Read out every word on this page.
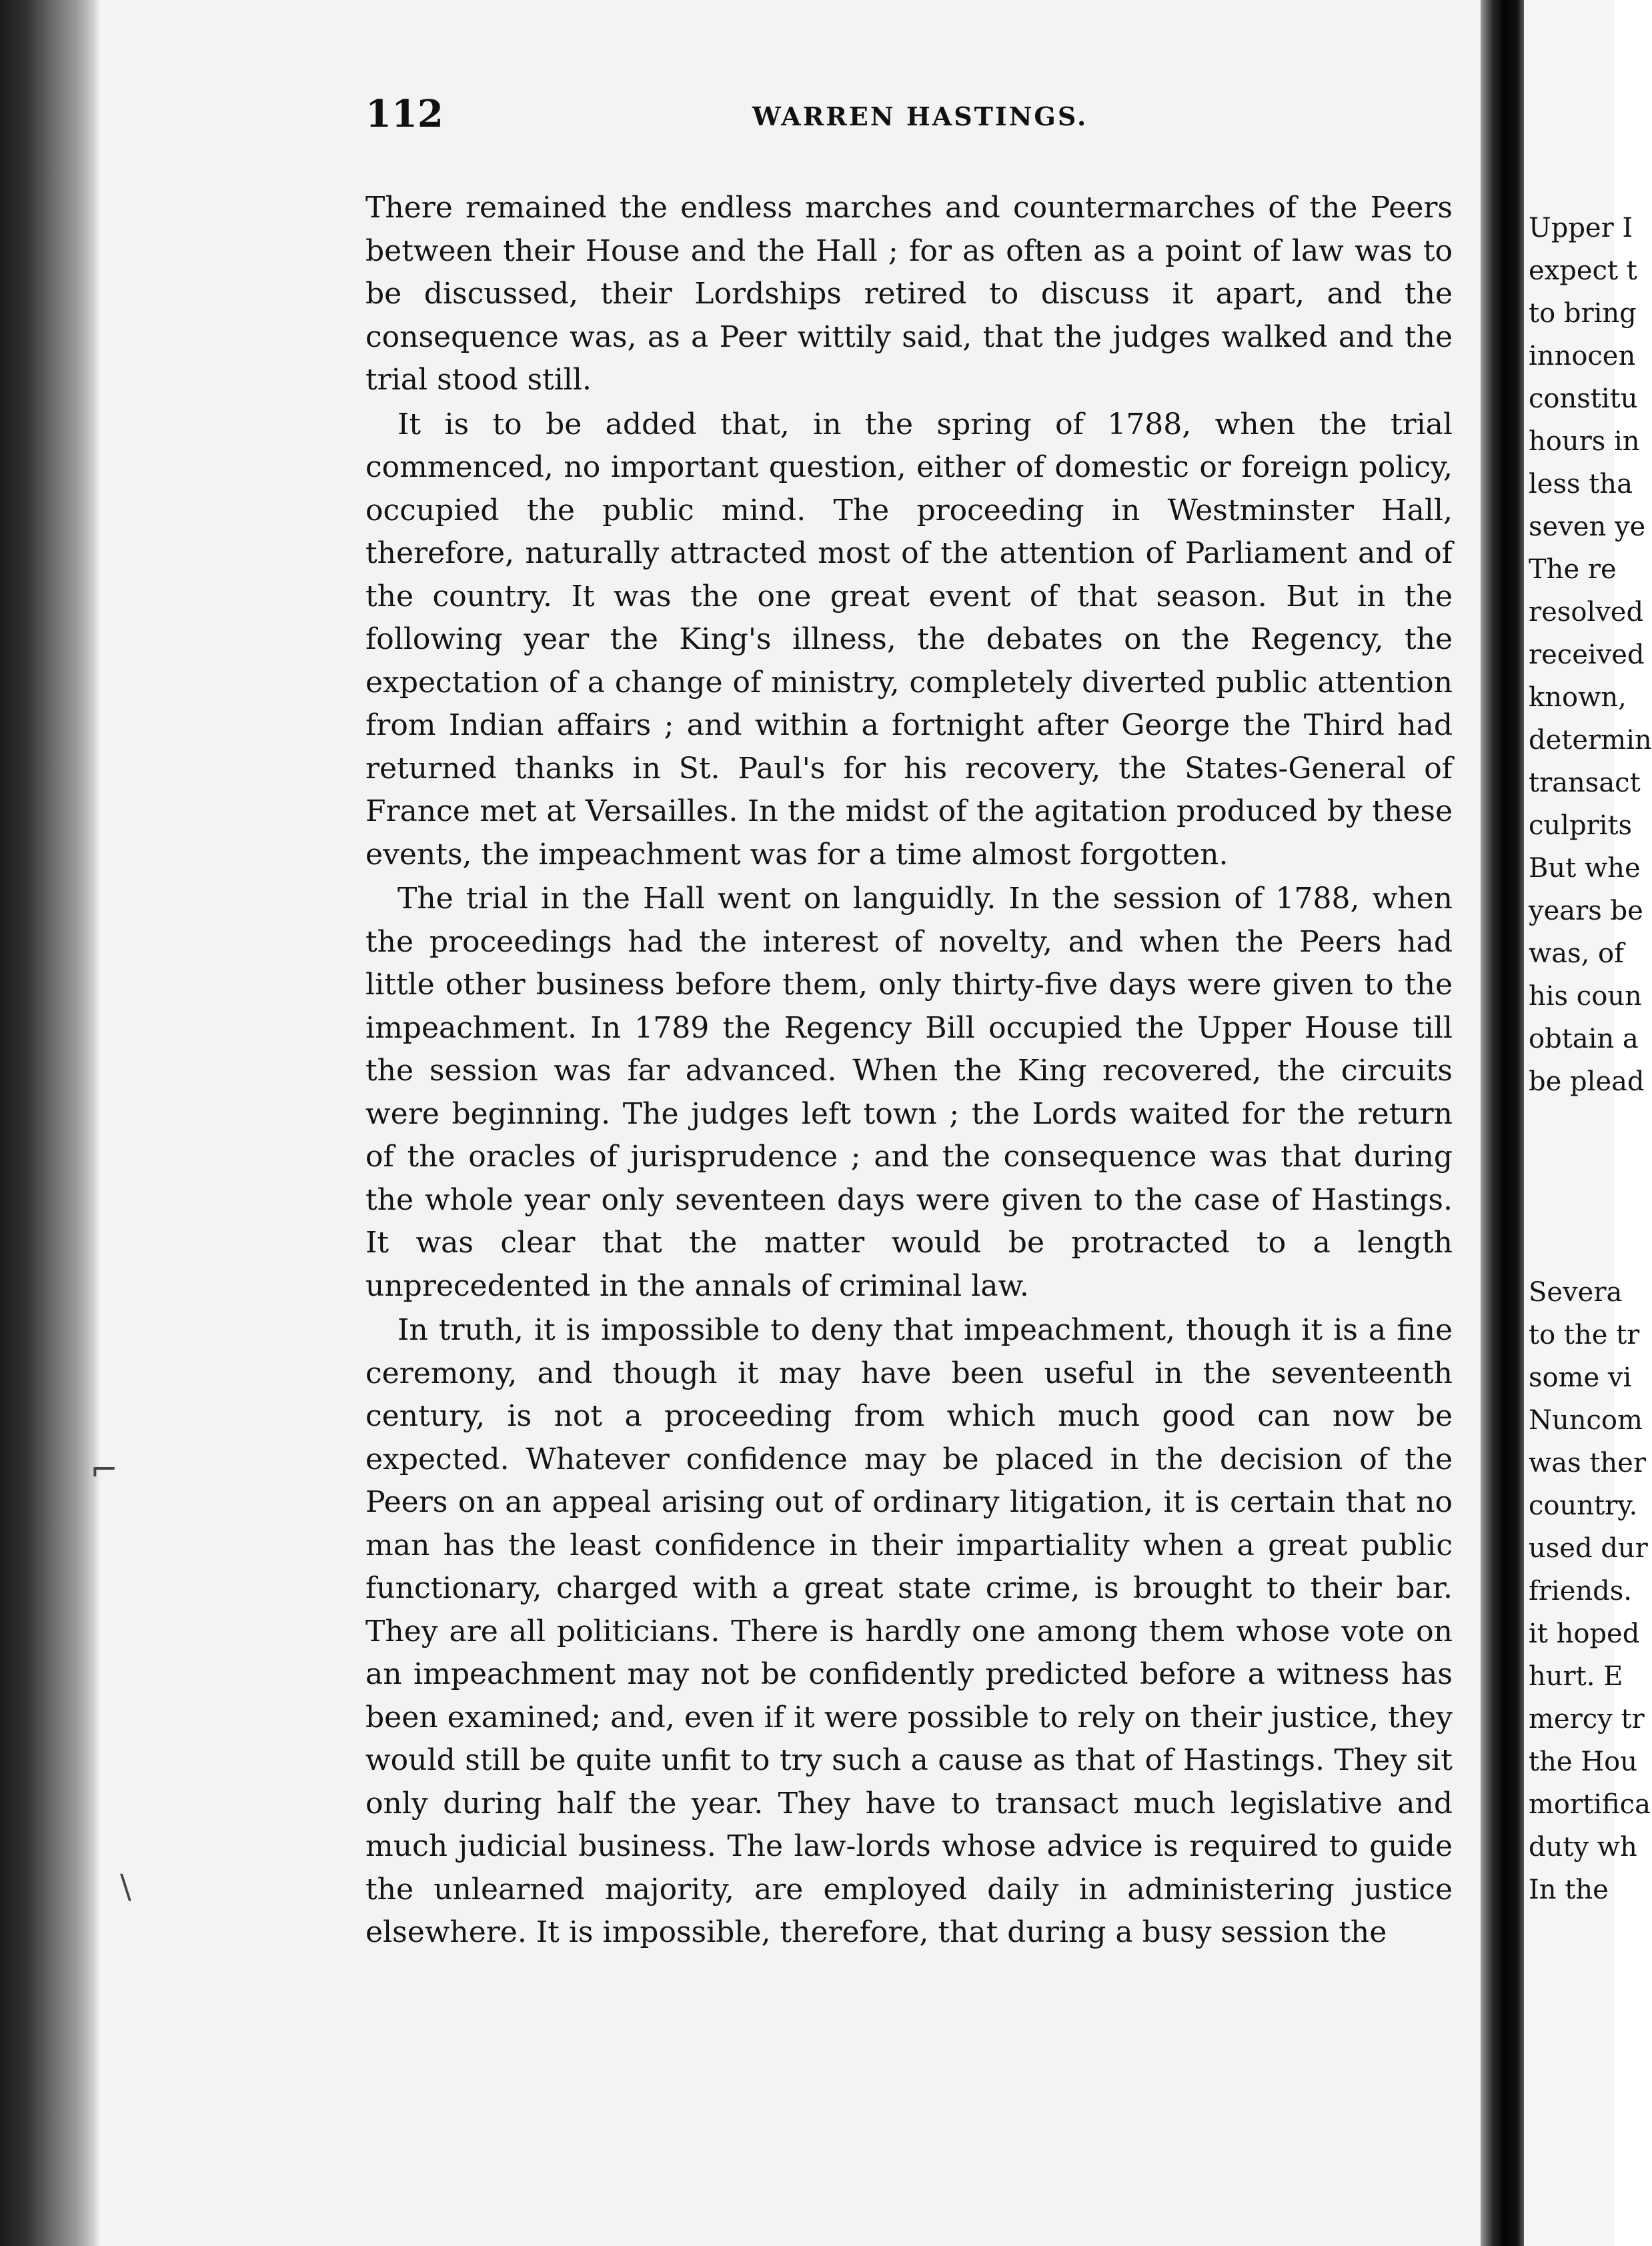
112	WARREN HASTINGS.

There remained the endless marches and countermarches of the Peers between their House and the Hall ; for as often as a point of law was to be discussed, their Lordships retired to discuss it apart, and the consequence was, as a Peer wittily said, that the judges walked and the trial stood still.

It is to be added that, in the spring of 1788, when the trial commenced, no important question, either of domestic or foreign policy, occupied the public mind. The proceeding in Westminster Hall, therefore, naturally attracted most of the attention of Parliament and of the country. It was the one great event of that season. But in the following year the King's illness, the debates on the Regency, the expectation of a change of ministry, completely diverted public attention from Indian affairs ; and within a fortnight after George the Third had returned thanks in St. Paul's for his recovery, the States-General of France met at Versailles. In the midst of the agitation produced by these events, the impeachment was for a time almost forgotten.

The trial in the Hall went on languidly. In the session of 1788, when the proceedings had the interest of novelty, and when the Peers had little other business before them, only thirty-five days were given to the impeachment. In 1789 the Regency Bill occupied the Upper House till the session was far advanced. When the King recovered, the circuits were beginning. The judges left town ; the Lords waited for the return of the oracles of jurisprudence ; and the consequence was that during the whole year only seventeen days were given to the case of Hastings. It was clear that the matter would be protracted to a length unprecedented in the annals of criminal law.

In truth, it is impossible to deny that impeachment, though it is a fine ceremony, and though it may have been useful in the seventeenth century, is not a proceeding from which much good can now be expected. Whatever confidence may be placed in the decision of the Peers on an appeal arising out of ordinary litigation, it is certain that no man has the least confidence in their impartiality when a great public functionary, charged with a great state crime, is brought to their bar. They are all politicians. There is hardly one among them whose vote on an impeachment may not be confidently predicted before a witness has been examined; and, even if it were possible to rely on their justice, they would still be quite unfit to try such a cause as that of Hastings. They sit only during half the year. They have to transact much legislative and much judicial business. The law-lords whose advice is required to guide the unlearned majority, are employed daily in administering justice elsewhere. It is impossible, therefore, that during a busy session the

Upper I
expect t
to bring
innocen
constitu
hours in
less tha
seven ye
The re
resolved
received
known,
determin
transact
culprits
But whe
years be
was, of
his coun
obtain a
be plead
Severa
to the tr
some vi
Nuncom
was ther
country.
used dur
friends.
it hoped
hurt. E
mercy tr
the Hou
mortifica
duty wh
In the
⌐
\
